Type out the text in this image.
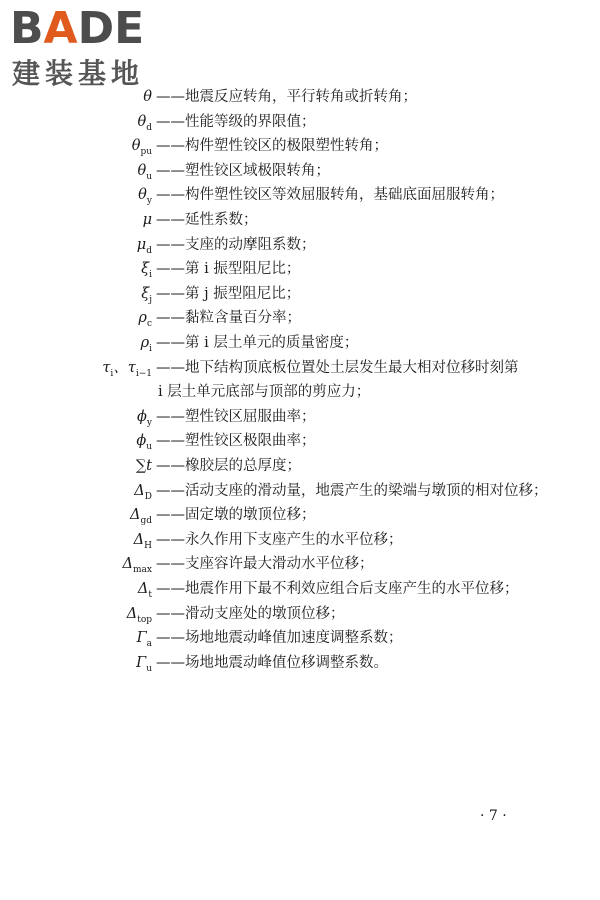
BADE
建装基地
θ ——地震反应转角，平行转角或折转角；
$\theta_d$ ——性能等级的界限值；
$\theta_{pu}$ ——构件塑性铰区的极限塑性转角；
$\theta_u$ ——塑性铰区域极限转角；
$\theta_y$ ——构件塑性铰区等效屈服转角，基础底面屈服转角；
μ ——延性系数；
$\mu_d$ ——支座的动摩阻系数；
$\xi_i$ ——第 i 振型阻尼比；
$\xi_j$ ——第 j 振型阻尼比；
$\rho_c$ ——黏粒含量百分率；
$\rho_i$ ——第 i 层土单元的质量密度；
$\tau_i$、$\tau_{i-1}$ ——地下结构顶底板位置处土层发生最大相对位移时刻第
i 层土单元底部与顶部的剪应力；
$\phi_y$ ——塑性铰区屈服曲率；
$\phi_u$ ——塑性铰区极限曲率；
∑t ——橡胶层的总厚度；
$\Delta_D$ ——活动支座的滑动量，地震产生的梁端与墩顶的相对位移；
$\Delta_{gd}$ ——固定墩的墩顶位移；
$\Delta_H$ ——永久作用下支座产生的水平位移；
$\Delta_{max}$ ——支座容许最大滑动水平位移；
$\Delta_t$ ——地震作用下最不利效应组合后支座产生的水平位移；
$\Delta_{top}$ ——滑动支座处的墩顶位移；
$\Gamma_a$ ——场地地震动峰值加速度调整系数；
$\Gamma_u$ ——场地地震动峰值位移调整系数。
· 7 ·
